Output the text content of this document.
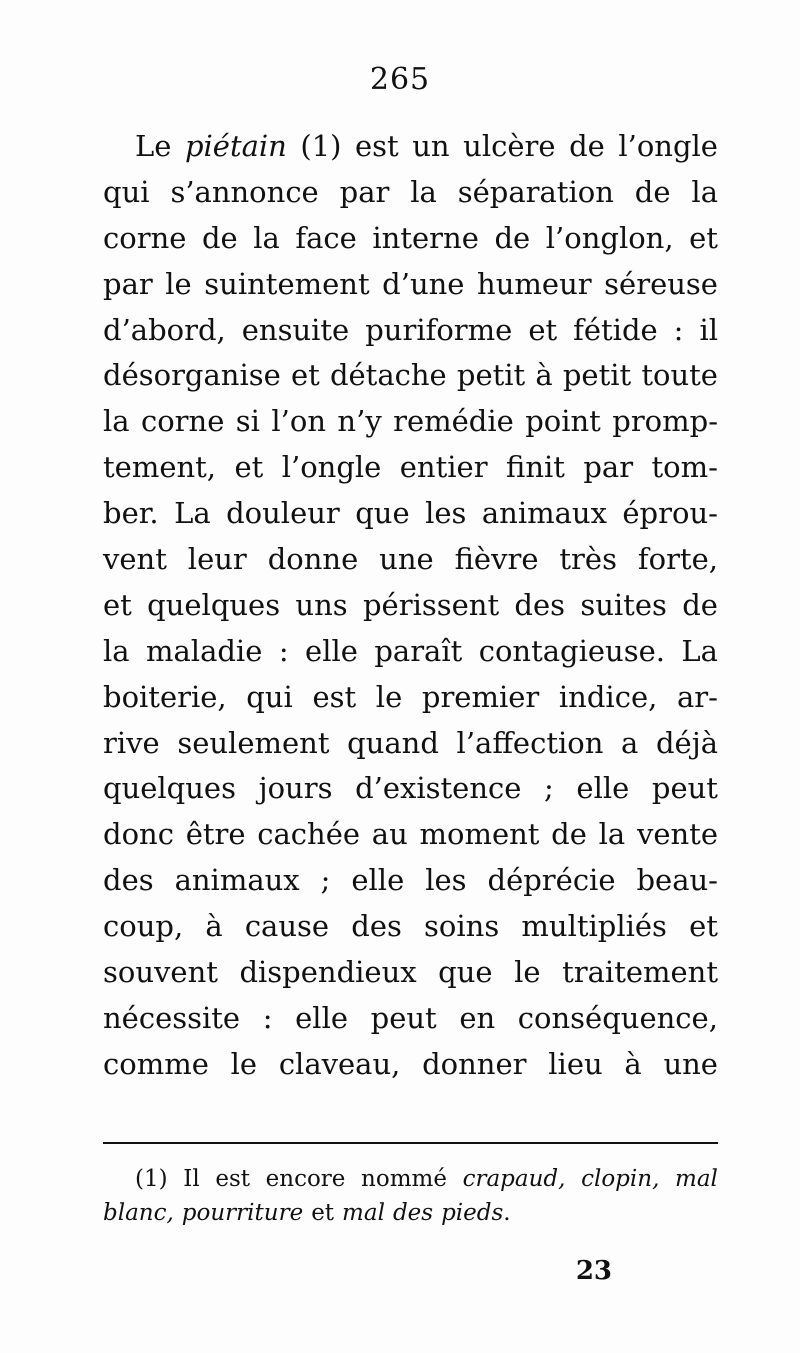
265
Le piétain (1) est un ulcère de l’ongle
qui s’annonce par la séparation de la
corne de la face interne de l’onglon, et
par le suintement d’une humeur séreuse
d’abord, ensuite puriforme et fétide : il
désorganise et détache petit à petit toute
la corne si l’on n’y remédie point promp-
tement, et l’ongle entier finit par tom-
ber. La douleur que les animaux éprou-
vent leur donne une fièvre très forte,
et quelques uns périssent des suites de
la maladie : elle paraît contagieuse. La
boiterie, qui est le premier indice, ar-
rive seulement quand l’affection a déjà
quelques jours d’existence ; elle peut
donc être cachée au moment de la vente
des animaux ; elle les déprécie beau-
coup, à cause des soins multipliés et
souvent dispendieux que le traitement
nécessite : elle peut en conséquence,
comme le claveau, donner lieu à une
(1) Il est encore nommé crapaud, clopin, mal
blanc, pourriture et mal des pieds.
23
